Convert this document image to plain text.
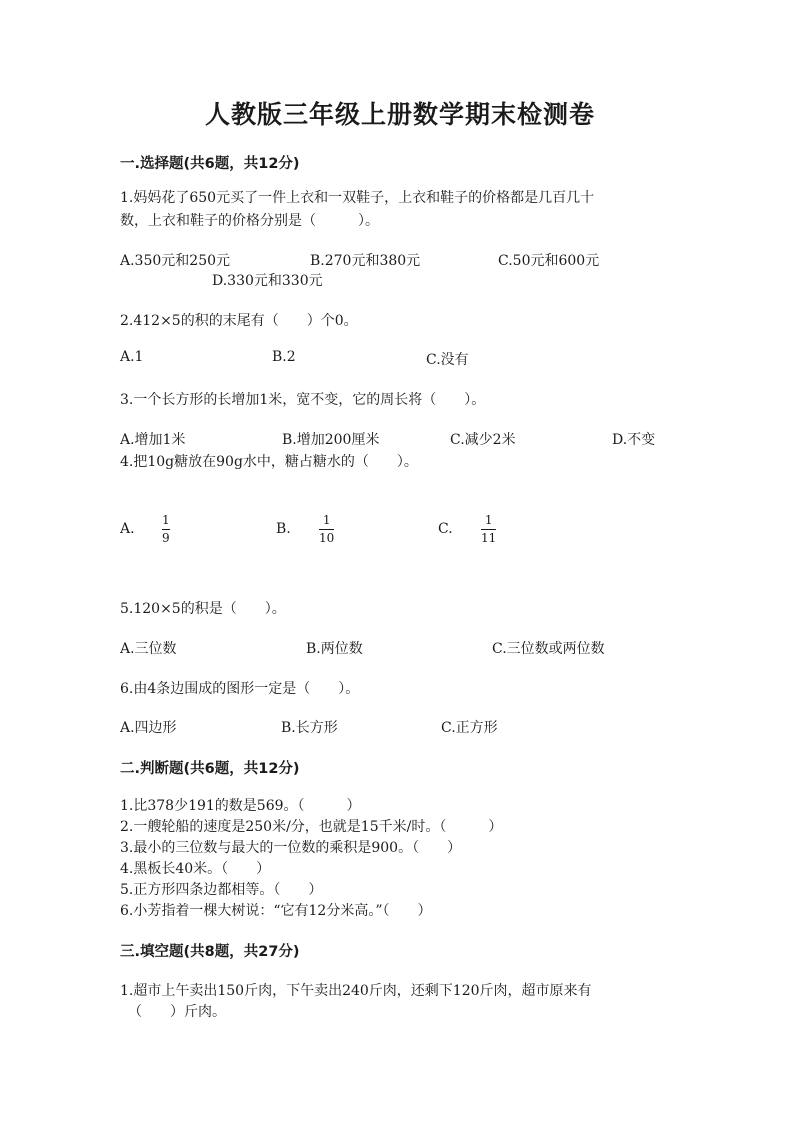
人教版三年级上册数学期末检测卷
一.选择题(共6题，共12分)
1.妈妈花了650元买了一件上衣和一双鞋子，上衣和鞋子的价格都是几百几十
数，上衣和鞋子的价格分别是（　　　）。
A.350元和250元	B.270元和380元	C.50元和600元
D.330元和330元
2.412×5的积的末尾有（　　）个0。
A.1	B.2	C.没有
3.一个长方形的长增加1米，宽不变，它的周长将（　　）。
A.增加1米	B.增加200厘米	C.减少2米	D.不变
4.把10g糖放在90g水中，糖占糖水的（　　）。
A.
1
9
B.
1
10
C.
1
11
5.120×5的积是（　　）。
A.三位数	B.两位数	C.三位数或两位数
6.由4条边围成的图形一定是（　　）。
A.四边形	B.长方形	C.正方形
二.判断题(共6题，共12分)
1.比378少191的数是569。（　　　）
2.一艘轮船的速度是250米/分，也就是15千米/时。（　　　）
3.最小的三位数与最大的一位数的乘积是900。（　　）
4.黑板长40米。（　　）
5.正方形四条边都相等。（　　）
6.小芳指着一棵大树说：“它有12分米高。”（　　）
三.填空题(共8题，共27分)
1.超市上午卖出150斤肉，下午卖出240斤肉，还剩下120斤肉，超市原来有
（　　）斤肉。
